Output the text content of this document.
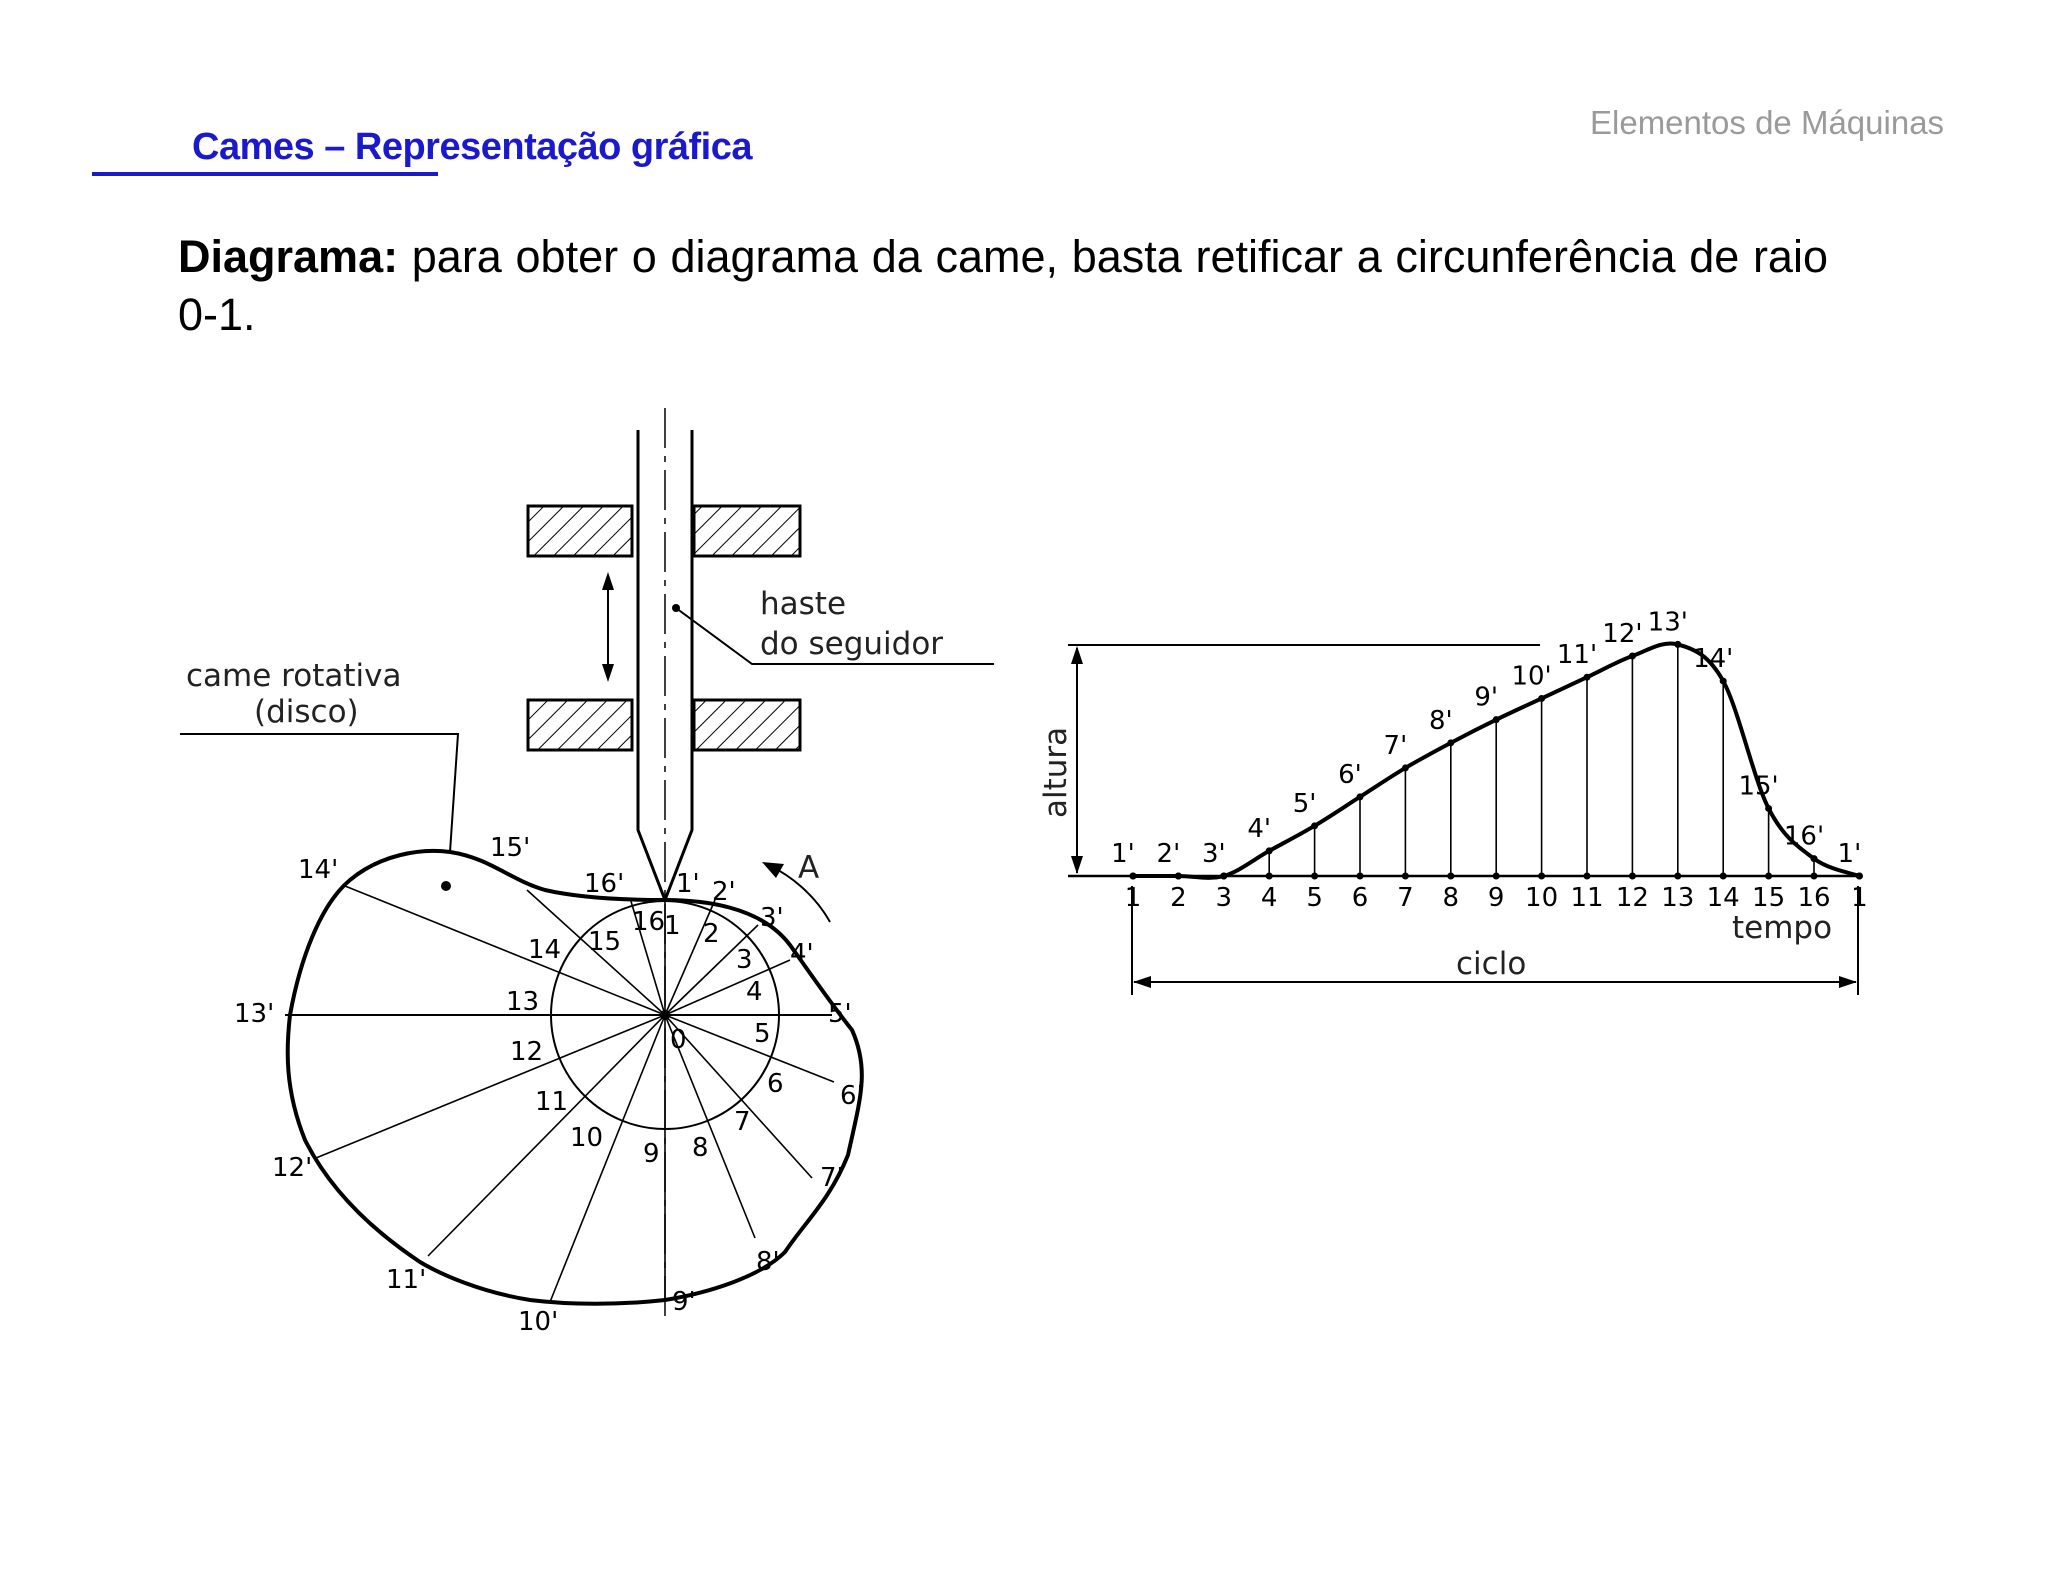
Elementos de Máquinas
Cames – Representação gráfica
Diagrama: para obter o diagrama da came, basta retificar a circunferência de raio 0-1.
haste
do seguidor
came rotativa
(disco)
A
0
1 2
3
4
5
6
7
8
9
10
11
12
13
14 15
16
1' 2'
3'
4'
5'
6'
7'
8'
9'
10'
11'
12'
13'
14'
15'
16'
altura
ciclo
tempo
1
1'
2
2'
3
3'
4
4'
5
5'
6
6'
7
7'
8
8'
9
9'
10
10'
11
11'
12
12'
13
13'
14
14'
15
15'
16
16'
1
1'
